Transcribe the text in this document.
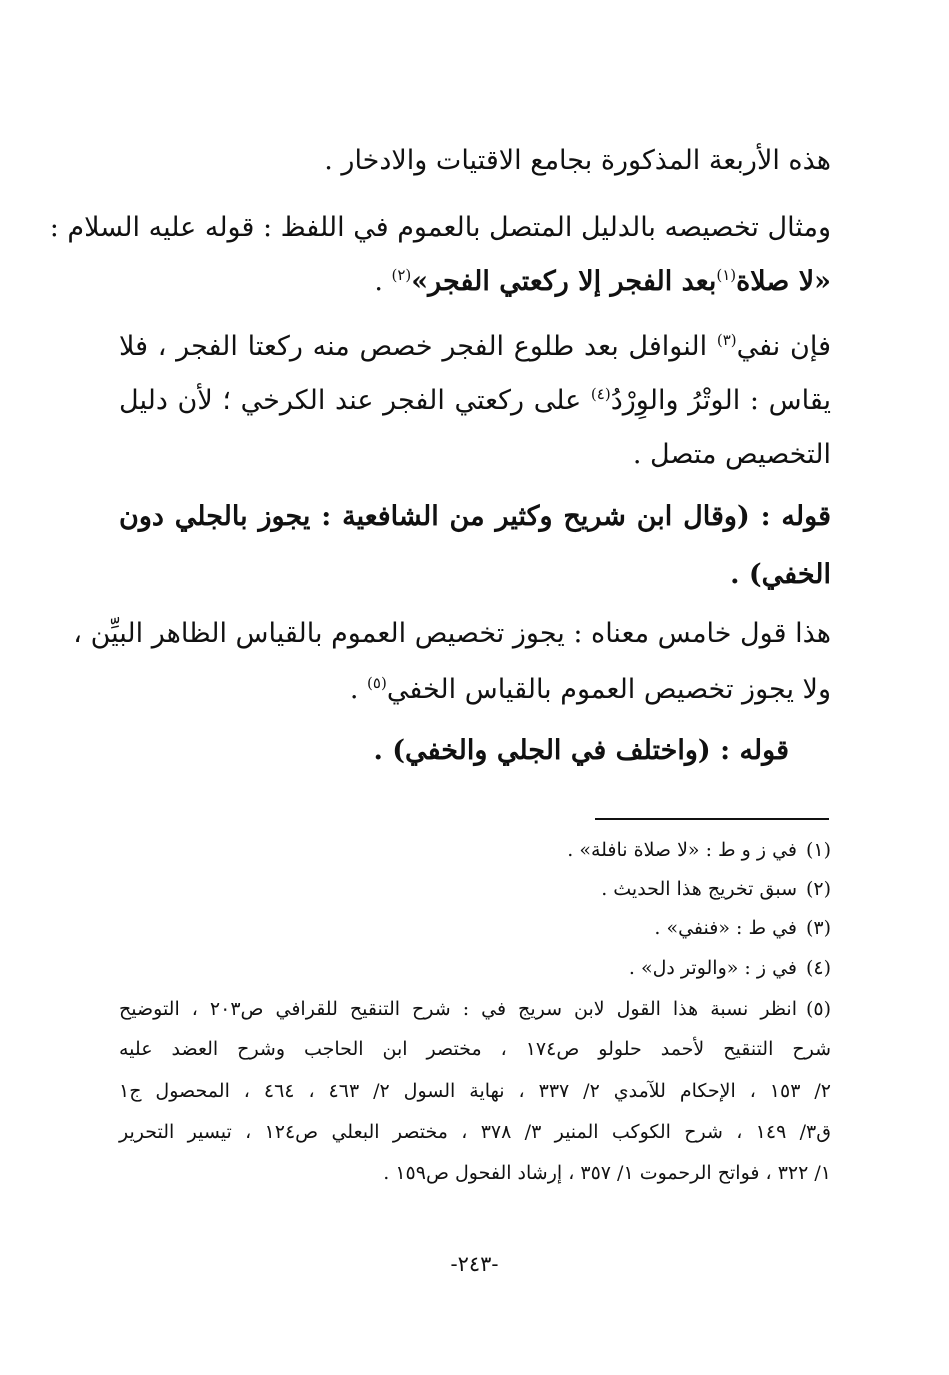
هذه الأربعة المذكورة بجامع الاقتيات والادخار .
ومثال تخصيصه بالدليل المتصل بالعموم في اللفظ : قوله عليه السلام :
«لا صلاة$^{(١)}$بعد الفجر إلا ركعتي الفجر»$^{(٢)}$ .
فإن نفي$^{(٣)}$ النوافل بعد طلوع الفجر خصص منه ركعتا الفجر ، فلا
يقاس : الوتْرُ والوِرْدُ$^{(٤)}$ على ركعتي الفجر عند الكرخي ؛ لأن دليل
التخصيص متصل .
قوله : (وقال ابن شريح وكثير من الشافعية : يجوز بالجلي دون
الخفي) .
هذا قول خامس معناه : يجوز تخصيص العموم بالقياس الظاهر البيِّن ،
ولا يجوز تخصيص العموم بالقياس الخفي$^{(٥)}$ .
قوله : (واختلف في الجلي والخفي) .
(١)في ز و ط : «لا صلاة نافلة» .
(٢)سبق تخريج هذا الحديث .
(٣)في ط : «فنفي» .
(٤)في ز : «والوتر دل» .
(٥)انظر نسبة هذا القول لابن سريج في : شرح التنقيح للقرافي ص٢٠٣ ، التوضيح
شرح التنقيح لأحمد حلولو ص١٧٤ ، مختصر ابن الحاجب وشرح العضد عليه
٢/ ١٥٣ ، الإحكام للآمدي ٢/ ٣٣٧ ، نهاية السول ٢/ ٤٦٣ ، ٤٦٤ ، المحصول ج١
ق٣/ ١٤٩ ، شرح الكوكب المنير ٣/ ٣٧٨ ، مختصر البعلي ص١٢٤ ، تيسير التحرير
١/ ٣٢٢ ، فواتح الرحموت ١/ ٣٥٧ ، إرشاد الفحول ص١٥٩ .
-٢٤٣-
